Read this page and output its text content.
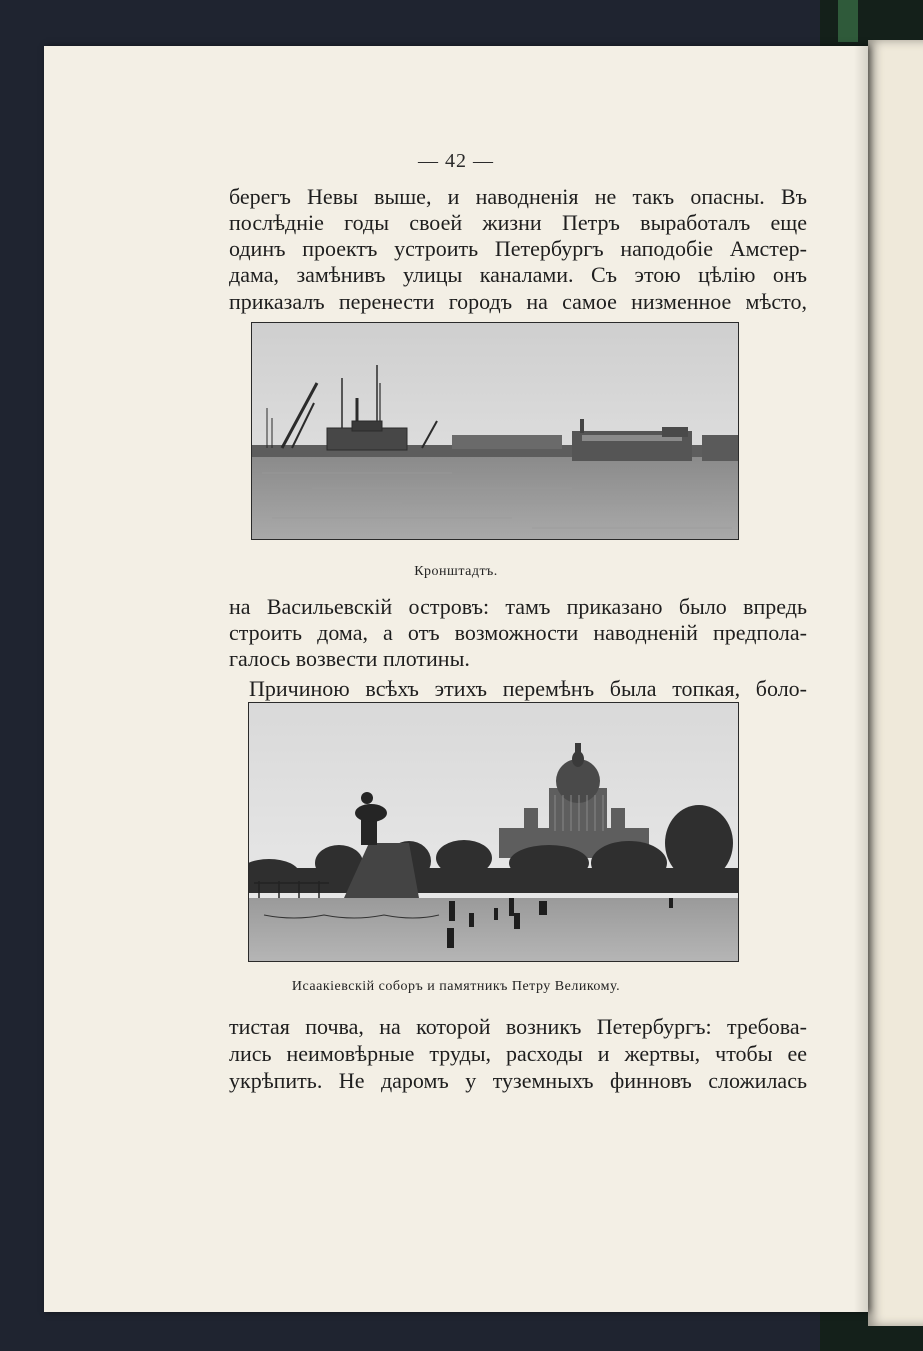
— 42 —
берегъ Невы выше, и наводненія не такъ опасны. Въ
послѣдніе годы своей жизни Петръ выработалъ еще
одинъ проектъ устроить Петербургъ наподобіе Амстер-
дама, замѣнивъ улицы каналами. Съ этою цѣлію онъ
приказалъ перенести городъ на самое низменное мѣсто,
Кронштадтъ.
на Васильевскій островъ: тамъ приказано было впредь
строить дома, а отъ возможности наводненій предпола-
галось возвести плотины.
Причиною всѣхъ этихъ перемѣнъ была топкая, боло-
Исаакіевскій соборъ и памятникъ Петру Великому.
тистая почва, на которой возникъ Петербургъ: требова-
лись неимовѣрные труды, расходы и жертвы, чтобы ее
укрѣпить. Не даромъ у туземныхъ финновъ сложилась
